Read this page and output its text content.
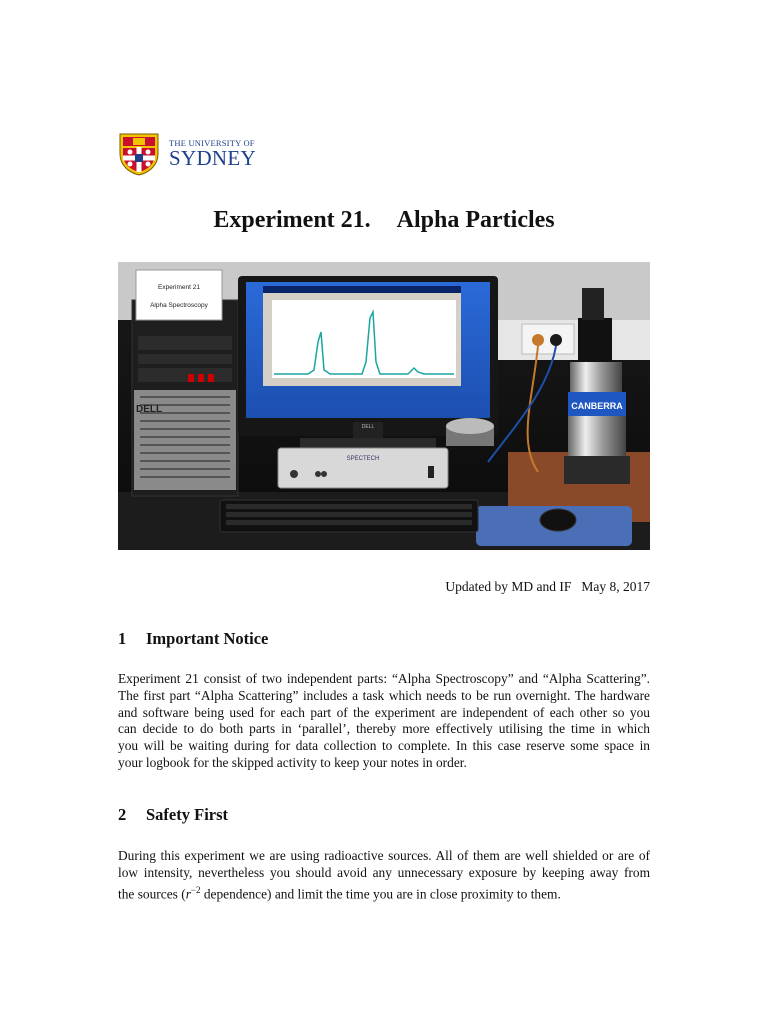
THE UNIVERSITY OF
SYDNEY
Experiment 21. Alpha Particles
DELL
Experiment 21
Alpha Spectroscopy
DELL
SPECTECH
CANBERRA
Updated by MD and IF May 8, 2017
1 Important Notice
Experiment 21 consist of two independent parts: “Alpha Spectroscopy” and “Alpha Scattering”.
The first part “Alpha Scattering” includes a task which needs to be run overnight. The hardware
and software being used for each part of the experiment are independent of each other so you
can decide to do both parts in ‘parallel’, thereby more effectively utilising the time in which
you will be waiting during for data collection to complete. In this case reserve some space in
your logbook for the skipped activity to keep your notes in order.
2 Safety First
During this experiment we are using radioactive sources. All of them are well shielded or are of
low intensity, nevertheless you should avoid any unnecessary exposure by keeping away from
the sources ($r^{-2}$ dependence) and limit the time you are in close proximity to them.
